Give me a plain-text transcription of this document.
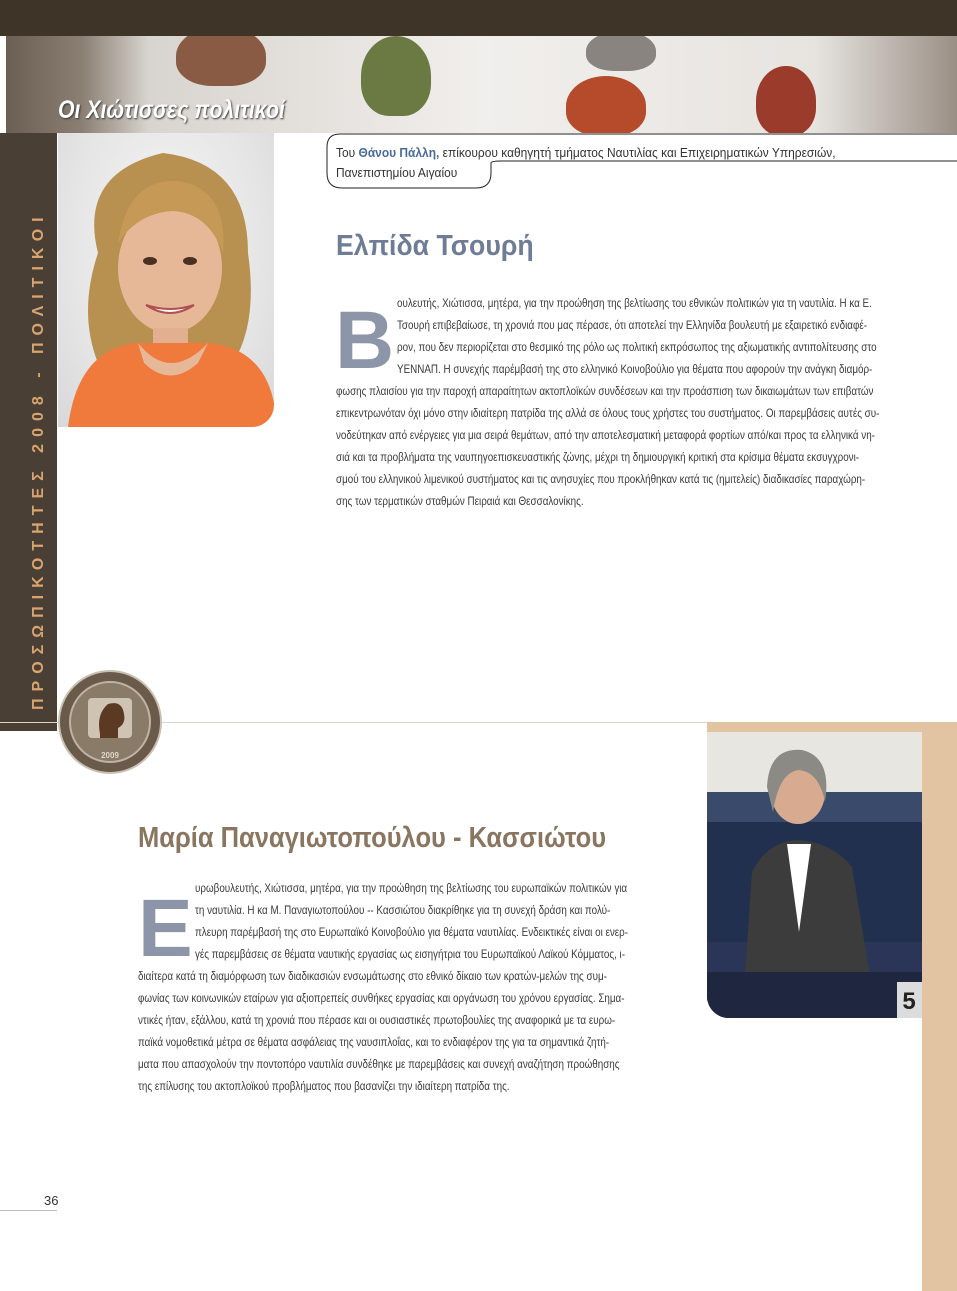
ΠΡΟΣΩΠΙΚΟΤΗΤΕΣ 2008 - ΠΟΛΙΤΙΚΟΙ
Οι Χιώτισσες πολιτικοί
Του Θάνου Πάλλη, επίκουρου καθηγητή τμήματος Ναυτιλίας και Επιχειρηματικών Υπηρεσιών,
Πανεπιστημίου Αιγαίου
Ελπίδα Τσουρή
Β ουλευτής, Χιώτισσα, μητέρα, για την προώθηση της βελτίωσης του εθνικών πολιτικών για τη ναυτιλία. Η κα Ε.
Τσουρή επιβεβαίωσε, τη χρονιά που μας πέρασε, ότι αποτελεί την Ελληνίδα βουλευτή με εξαιρετικό ενδιαφέ-
ρον, που δεν περιορίζεται στο θεσμικό της ρόλο ως πολιτική εκπρόσωπος της αξιωματικής αντιπολίτευσης στο
ΥΕΝΝΑΠ. Η συνεχής παρέμβασή της στο ελληνικό Κοινοβούλιο για θέματα που αφορούν την ανάγκη διαμόρ-
φωσης πλαισίου για την παροχή απαραίτητων ακτοπλοϊκών συνδέσεων και την προάσπιση των δικαιωμάτων των επιβατών
επικεντρωνόταν όχι μόνο στην ιδιαίτερη πατρίδα της αλλά σε όλους τους χρήστες του συστήματος. Οι παρεμβάσεις αυτές συ-
νοδεύτηκαν από ενέργειες για μια σειρά θεμάτων, από την αποτελεσματική μεταφορά φορτίων από/και προς τα ελληνικά νη-
σιά και τα προβλήματα της ναυπηγοεπισκευαστικής ζώνης, μέχρι τη δημιουργική κριτική στα κρίσιμα θέματα εκσυγχρονι-
σμού του ελληνικού λιμενικού συστήματος και τις ανησυχίες που προκλήθηκαν κατά τις (ημιτελείς) διαδικασίες παραχώρη-
σης των τερματικών σταθμών Πειραιά και Θεσσαλονίκης.
2009
5
Μαρία Παναγιωτοπούλου - Κασσιώτου
Ε υρωβουλευτής, Χιώτισσα, μητέρα, για την προώθηση της βελτίωσης του ευρωπαϊκών πολιτικών για
τη ναυτιλία. Η κα Μ. Παναγιωτοπούλου -- Κασσιώτου διακρίθηκε για τη συνεχή δράση και πολύ-
πλευρη παρέμβασή της στο Ευρωπαϊκό Κοινοβούλιο για θέματα ναυτιλίας. Ενδεικτικές είναι οι ενερ-
γές παρεμβάσεις σε θέματα ναυτικής εργασίας ως εισηγήτρια του Ευρωπαϊκού Λαϊκού Κόμματος, ι-
διαίτερα κατά τη διαμόρφωση των διαδικασιών ενσωμάτωσης στο εθνικό δίκαιο των κρατών-μελών της συμ-
φωνίας των κοινωνικών εταίρων για αξιοπρεπείς συνθήκες εργασίας και οργάνωση του χρόνου εργασίας. Σημα-
ντικές ήταν, εξάλλου, κατά τη χρονιά που πέρασε και οι ουσιαστικές πρωτοβουλίες της αναφορικά με τα ευρω-
παϊκά νομοθετικά μέτρα σε θέματα ασφάλειας της ναυσιπλοΐας, και το ενδιαφέρον της για τα σημαντικά ζητή-
ματα που απασχολούν την ποντοπόρο ναυτιλία συνδέθηκε με παρεμβάσεις και συνεχή αναζήτηση προώθησης
της επίλυσης του ακτοπλοϊκού προβλήματος που βασανίζει την ιδιαίτερη πατρίδα της.
36
